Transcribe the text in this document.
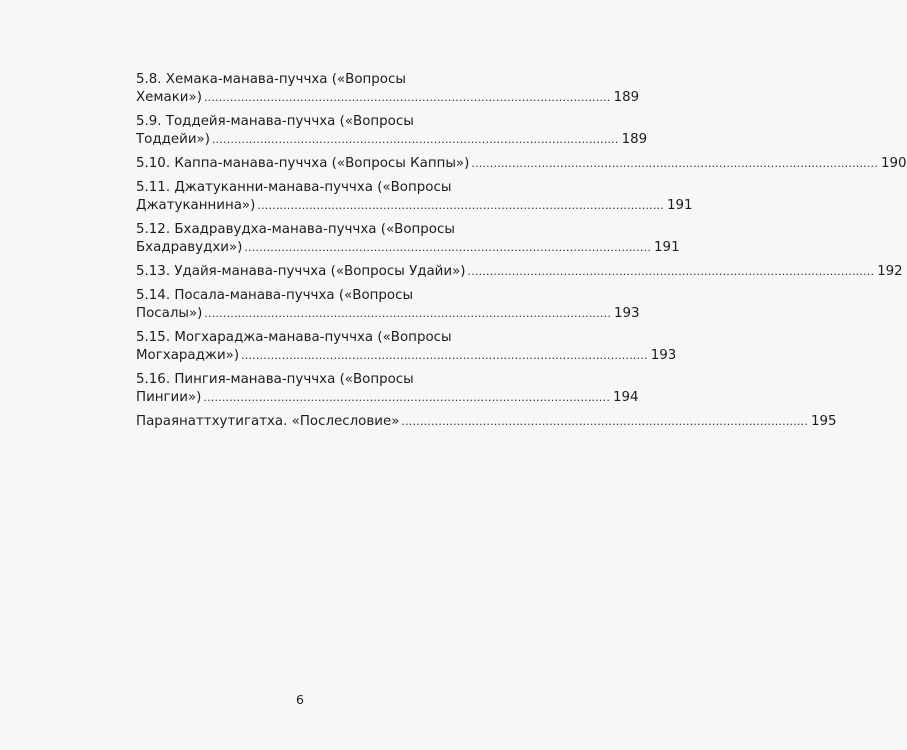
5.8. Хемака-манава-пуччха («Вопросы
Хемаки») .............................................................................................................. 189
5.9. Тоддейя-манава-пуччха («Вопросы
Тоддейи») .............................................................................................................. 189
5.10. Каппа-манава-пуччха («Вопросы Каппы») .............................................................................................................. 190
5.11. Джатуканни-манава-пуччха («Вопросы
Джатуканнина») .............................................................................................................. 191
5.12. Бхадравудха-манава-пуччха («Вопросы
Бхадравудхи») .............................................................................................................. 191
5.13. Удайя-манава-пуччха («Вопросы Удайи») .............................................................................................................. 192
5.14. Посала-манава-пуччха («Вопросы
Посалы») .............................................................................................................. 193
5.15. Могхараджа-манава-пуччха («Вопросы
Могхараджи») .............................................................................................................. 193
5.16. Пингия-манава-пуччха («Вопросы
Пингии») .............................................................................................................. 194
Параянаттхутигатха. «Послесловие» .............................................................................................................. 195
6
